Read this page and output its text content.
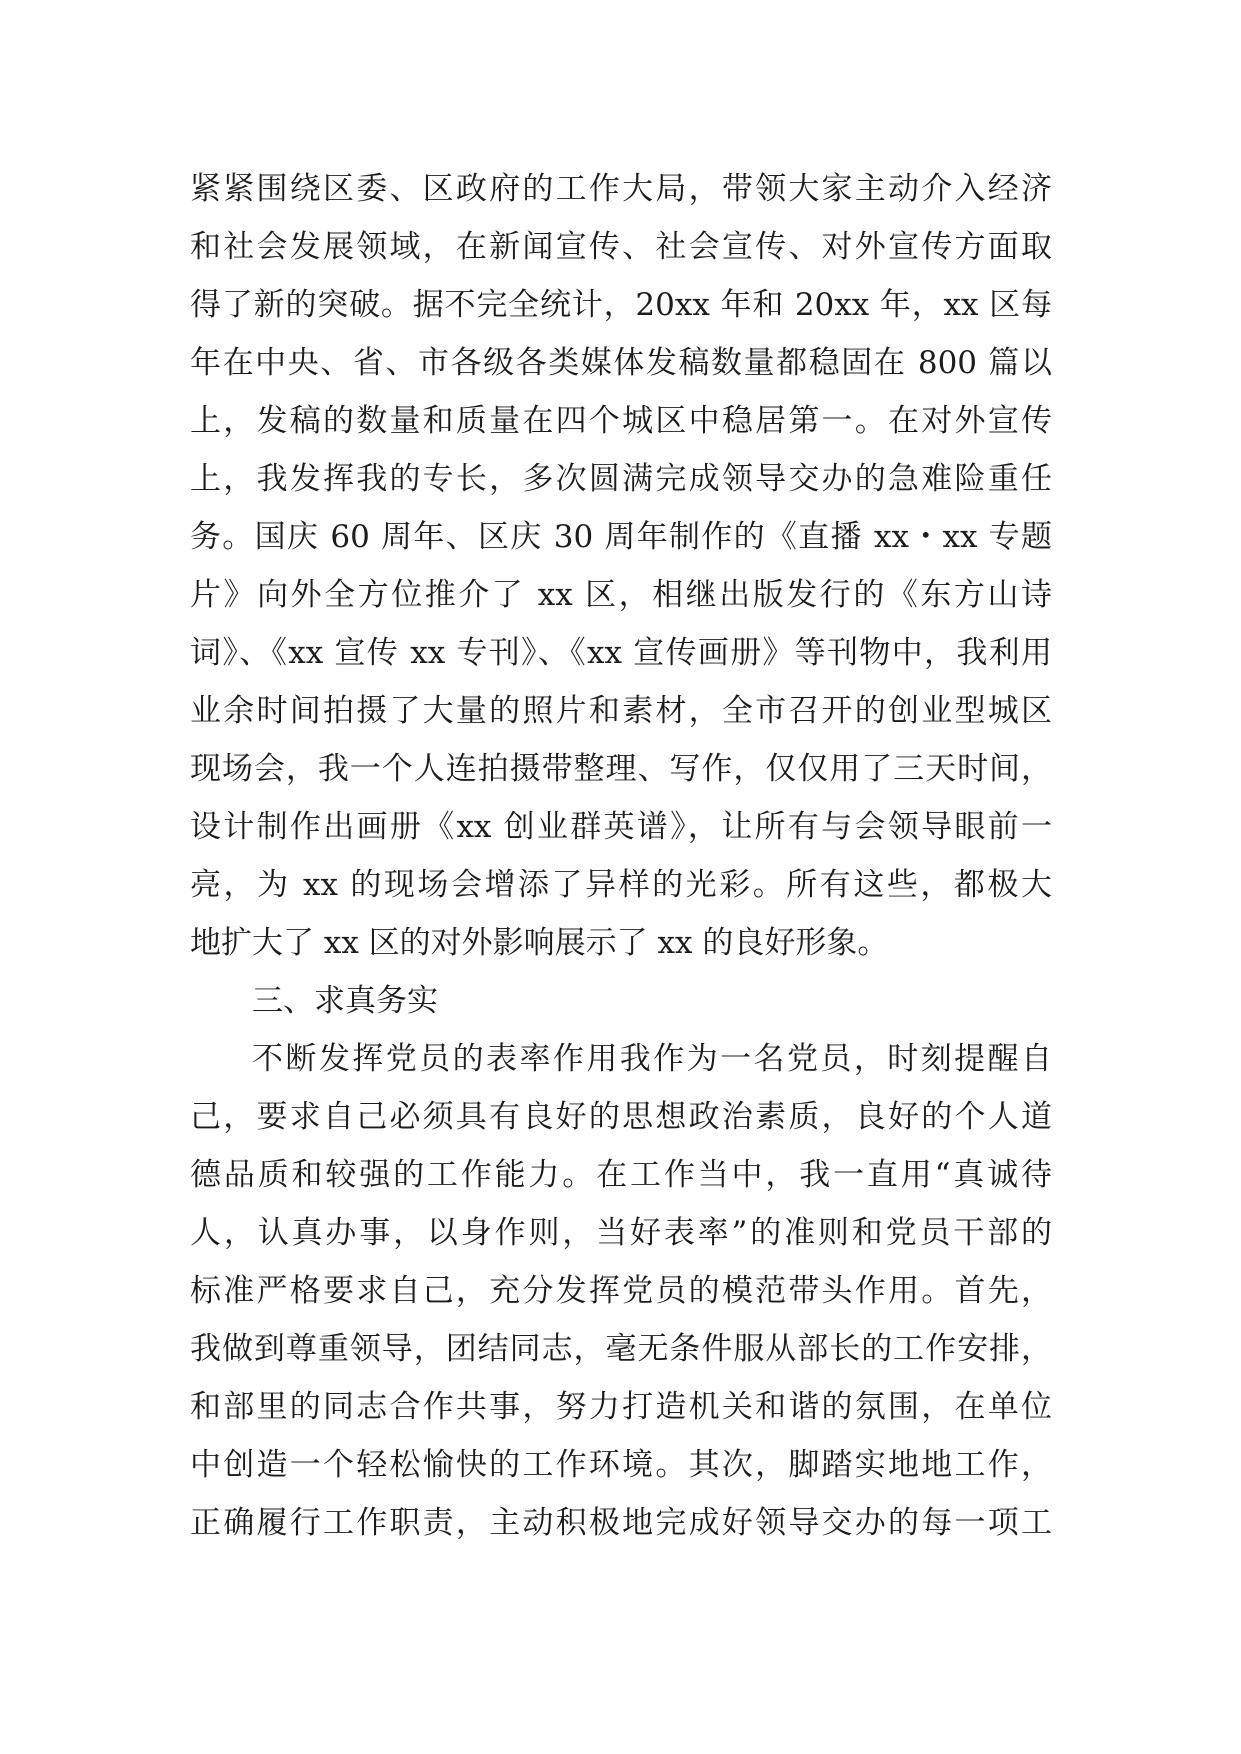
紧紧围绕区委、区政府的工作大局，带领大家主动介入经济
和社会发展领域，在新闻宣传、社会宣传、对外宣传方面取
得了新的突破。据不完全统计，20xx 年和 20xx 年，xx 区每
年在中央、省、市各级各类媒体发稿数量都稳固在 800 篇以
上，发稿的数量和质量在四个城区中稳居第一。在对外宣传
上，我发挥我的专长，多次圆满完成领导交办的急难险重任
务。国庆 60 周年、区庆 30 周年制作的《直播 xx・xx 专题
片》向外全方位推介了 xx 区，相继出版发行的《东方山诗
词》、《xx 宣传 xx 专刊》、《xx 宣传画册》等刊物中，我利用
业余时间拍摄了大量的照片和素材，全市召开的创业型城区
现场会，我一个人连拍摄带整理、写作，仅仅用了三天时间，
设计制作出画册《xx 创业群英谱》，让所有与会领导眼前一
亮，为 xx 的现场会增添了异样的光彩。所有这些，都极大
地扩大了 xx 区的对外影响展示了 xx 的良好形象。
三、求真务实
不断发挥党员的表率作用我作为一名党员，时刻提醒自
己，要求自己必须具有良好的思想政治素质，良好的个人道
德品质和较强的工作能力。在工作当中，我一直用“真诚待
人，认真办事，以身作则，当好表率”的准则和党员干部的
标准严格要求自己，充分发挥党员的模范带头作用。首先，
我做到尊重领导，团结同志，毫无条件服从部长的工作安排，
和部里的同志合作共事，努力打造机关和谐的氛围，在单位
中创造一个轻松愉快的工作环境。其次，脚踏实地地工作，
正确履行工作职责，主动积极地完成好领导交办的每一项工
